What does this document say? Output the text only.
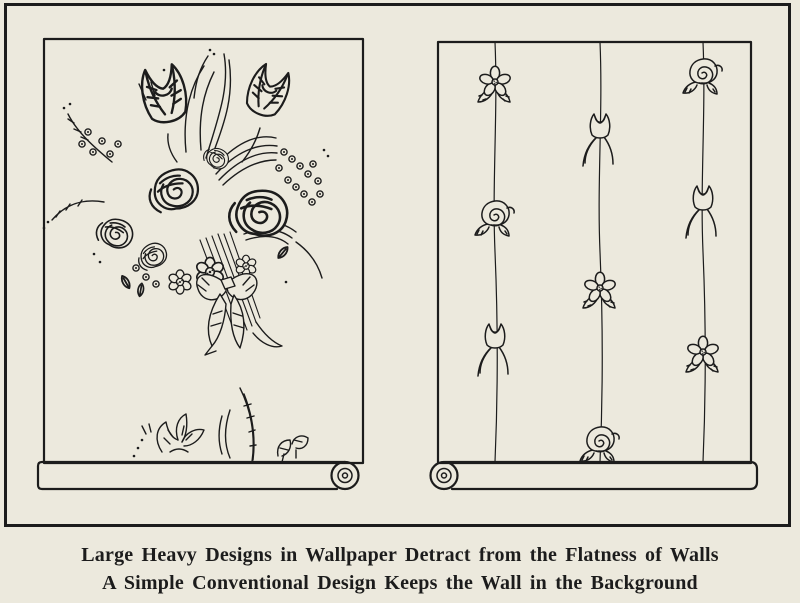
Large Heavy Designs in Wallpaper Detract from the Flatness of Walls
A Simple Conventional Design Keeps the Wall in the Background
